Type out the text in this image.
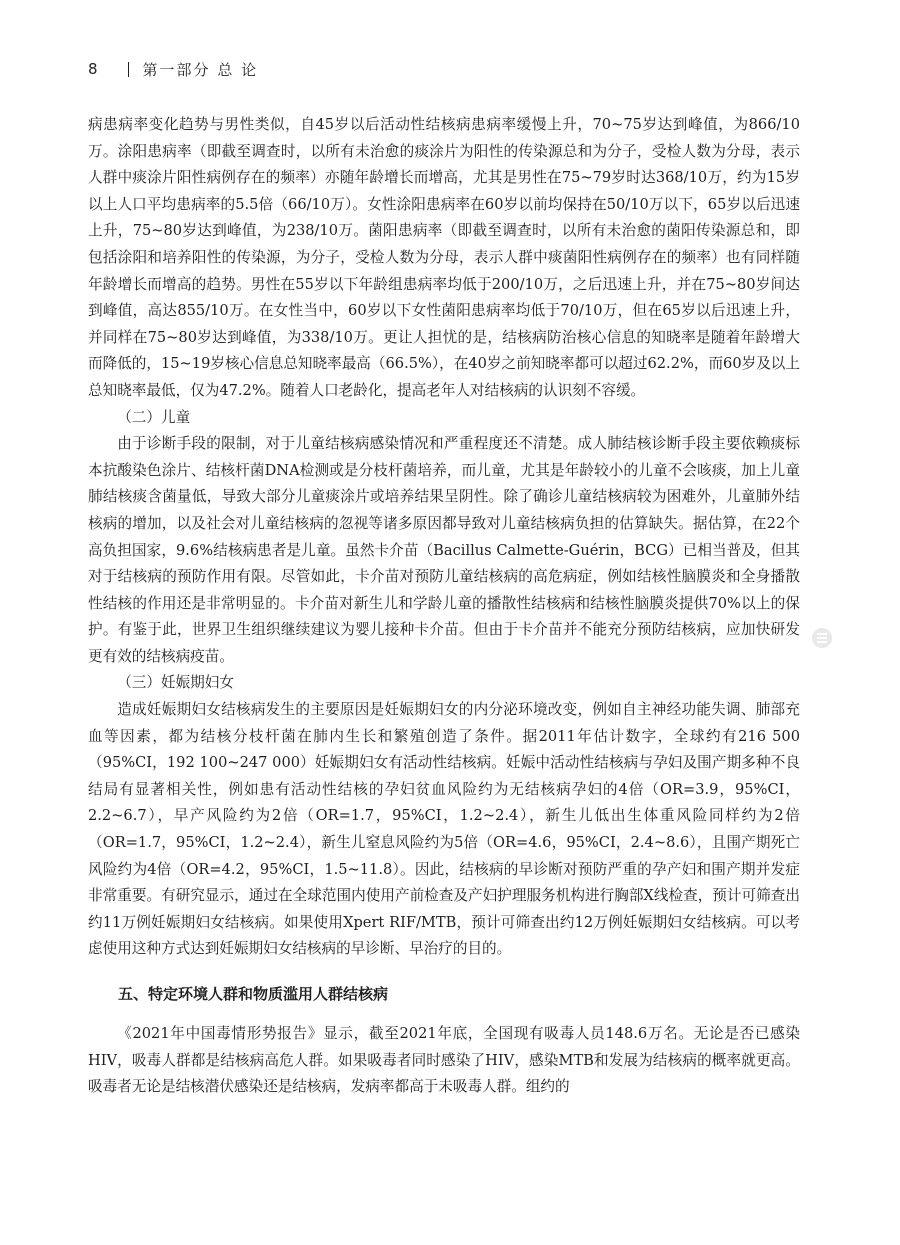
8	第一部分 总 论

病患病率变化趋势与男性类似，自45岁以后活动性结核病患病率缓慢上升，70~75岁达到峰值，为866/10万。涂阳患病率（即截至调查时，以所有未治愈的痰涂片为阳性的传染源总和为分子，受检人数为分母，表示人群中痰涂片阳性病例存在的频率）亦随年龄增长而增高，尤其是男性在75~79岁时达368/10万，约为15岁以上人口平均患病率的5.5倍（66/10万）。女性涂阳患病率在60岁以前均保持在50/10万以下，65岁以后迅速上升，75~80岁达到峰值，为238/10万。菌阳患病率（即截至调查时，以所有未治愈的菌阳传染源总和，即包括涂阳和培养阳性的传染源，为分子，受检人数为分母，表示人群中痰菌阳性病例存在的频率）也有同样随年龄增长而增高的趋势。男性在55岁以下年龄组患病率均低于200/10万，之后迅速上升，并在75~80岁间达到峰值，高达855/10万。在女性当中，60岁以下女性菌阳患病率均低于70/10万，但在65岁以后迅速上升，并同样在75~80岁达到峰值，为338/10万。更让人担忧的是，结核病防治核心信息的知晓率是随着年龄增大而降低的，15~19岁核心信息总知晓率最高（66.5%），在40岁之前知晓率都可以超过62.2%，而60岁及以上总知晓率最低，仅为47.2%。随着人口老龄化，提高老年人对结核病的认识刻不容缓。

（二）儿童

由于诊断手段的限制，对于儿童结核病感染情况和严重程度还不清楚。成人肺结核诊断手段主要依赖痰标本抗酸染色涂片、结核杆菌DNA检测或是分枝杆菌培养，而儿童，尤其是年龄较小的儿童不会咳痰，加上儿童肺结核痰含菌量低，导致大部分儿童痰涂片或培养结果呈阴性。除了确诊儿童结核病较为困难外，儿童肺外结核病的增加，以及社会对儿童结核病的忽视等诸多原因都导致对儿童结核病负担的估算缺失。据估算，在22个高负担国家，9.6%结核病患者是儿童。虽然卡介苗（Bacillus Calmette-Guérin，BCG）已相当普及，但其对于结核病的预防作用有限。尽管如此，卡介苗对预防儿童结核病的高危病症，例如结核性脑膜炎和全身播散性结核的作用还是非常明显的。卡介苗对新生儿和学龄儿童的播散性结核病和结核性脑膜炎提供70%以上的保护。有鉴于此，世界卫生组织继续建议为婴儿接种卡介苗。但由于卡介苗并不能充分预防结核病，应加快研发更有效的结核病疫苗。

（三）妊娠期妇女

造成妊娠期妇女结核病发生的主要原因是妊娠期妇女的内分泌环境改变，例如自主神经功能失调、肺部充血等因素，都为结核分枝杆菌在肺内生长和繁殖创造了条件。据2011年估计数字，全球约有216 500（95%CI，192 100~247 000）妊娠期妇女有活动性结核病。妊娠中活动性结核病与孕妇及围产期多种不良结局有显著相关性，例如患有活动性结核的孕妇贫血风险约为无结核病孕妇的4倍（OR=3.9，95%CI，2.2~6.7），早产风险约为2倍（OR=1.7，95%CI，1.2~2.4），新生儿低出生体重风险同样约为2倍（OR=1.7，95%CI，1.2~2.4），新生儿窒息风险约为5倍（OR=4.6，95%CI，2.4~8.6），且围产期死亡风险约为4倍（OR=4.2，95%CI，1.5~11.8）。因此，结核病的早诊断对预防严重的孕产妇和围产期并发症非常重要。有研究显示，通过在全球范围内使用产前检查及产妇护理服务机构进行胸部X线检查，预计可筛查出约11万例妊娠期妇女结核病。如果使用Xpert RIF/MTB，预计可筛查出约12万例妊娠期妇女结核病。可以考虑使用这种方式达到妊娠期妇女结核病的早诊断、早治疗的目的。

五、特定环境人群和物质滥用人群结核病

《2021年中国毒情形势报告》显示，截至2021年底，全国现有吸毒人员148.6万名。无论是否已感染HIV，吸毒人群都是结核病高危人群。如果吸毒者同时感染了HIV，感染MTB和发展为结核病的概率就更高。吸毒者无论是结核潜伏感染还是结核病，发病率都高于未吸毒人群。组约的
